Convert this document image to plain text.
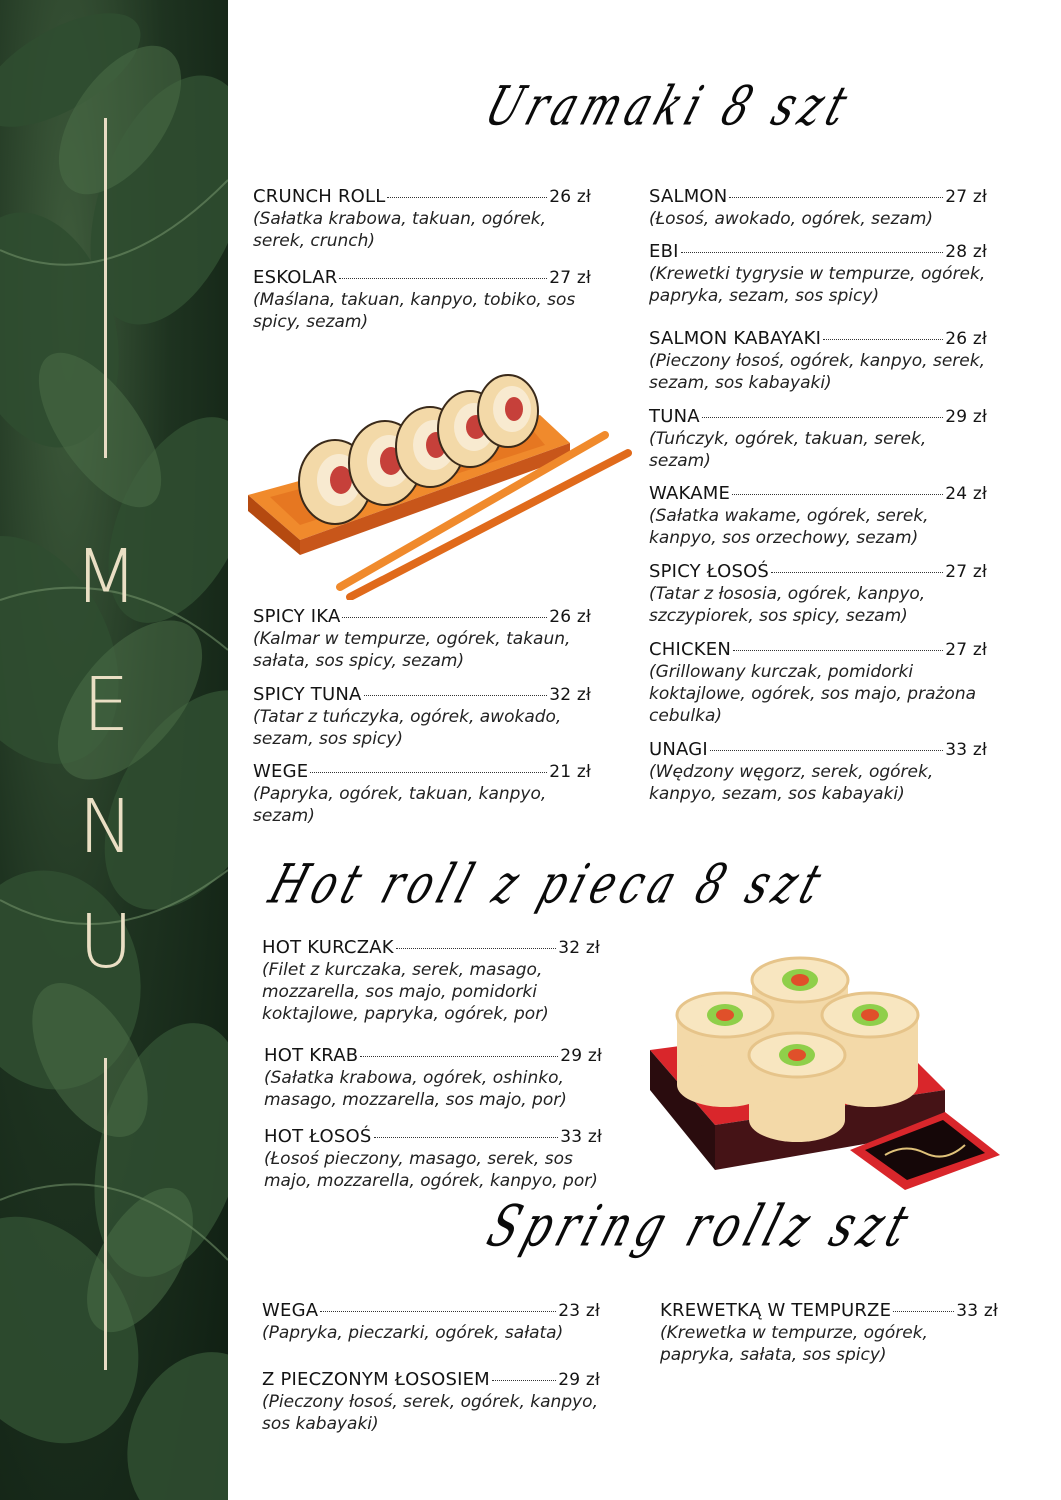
M
E
N
U
Uramaki 8 szt
Hot roll z pieca 8 szt
Spring rollz szt
CRUNCH ROLL	26 zł
(Sałatka krabowa, takuan, ogórek, serek, crunch)
ESKOLAR	27 zł
(Maślana, takuan, kanpyo, tobiko, sos spicy, sezam)
SPICY IKA	26 zł
(Kalmar w tempurze, ogórek, takaun, sałata, sos spicy, sezam)
SPICY TUNA	32 zł
(Tatar z tuńczyka, ogórek, awokado, sezam, sos spicy)
WEGE	21 zł
(Papryka, ogórek, takuan, kanpyo, sezam)
SALMON	27 zł
(Łosoś, awokado, ogórek, sezam)
EBI	28 zł
(Krewetki tygrysie w tempurze, ogórek, papryka, sezam, sos spicy)
SALMON KABAYAKI	26 zł
(Pieczony łosoś, ogórek, kanpyo, serek, sezam, sos kabayaki)
TUNA	29 zł
(Tuńczyk, ogórek, takuan, serek, sezam)
WAKAME	24 zł
(Sałatka wakame, ogórek, serek, kanpyo, sos orzechowy, sezam)
SPICY ŁOSOŚ	27 zł
(Tatar z łososia, ogórek, kanpyo, szczypiorek, sos spicy, sezam)
CHICKEN	27 zł
(Grillowany kurczak, pomidorki koktajlowe, ogórek, sos majo, prażona cebulka)
UNAGI	33 zł
(Wędzony węgorz, serek, ogórek, kanpyo, sezam, sos kabayaki)
HOT KURCZAK	32 zł
(Filet z kurczaka, serek, masago, mozzarella, sos majo, pomidorki koktajlowe, papryka, ogórek, por)
HOT KRAB	29 zł
(Sałatka krabowa, ogórek, oshinko, masago, mozzarella, sos majo, por)
HOT ŁOSOŚ	33 zł
(Łosoś pieczony, masago, serek, sos majo, mozzarella, ogórek, kanpyo, por)
WEGA	23 zł
(Papryka, pieczarki, ogórek, sałata)
Z PIECZONYM ŁOSOSIEM	29 zł
(Pieczony łosoś, serek, ogórek, kanpyo, sos kabayaki)
KREWETKĄ W TEMPURZE	33 zł
(Krewetka w tempurze, ogórek, papryka, sałata, sos spicy)
